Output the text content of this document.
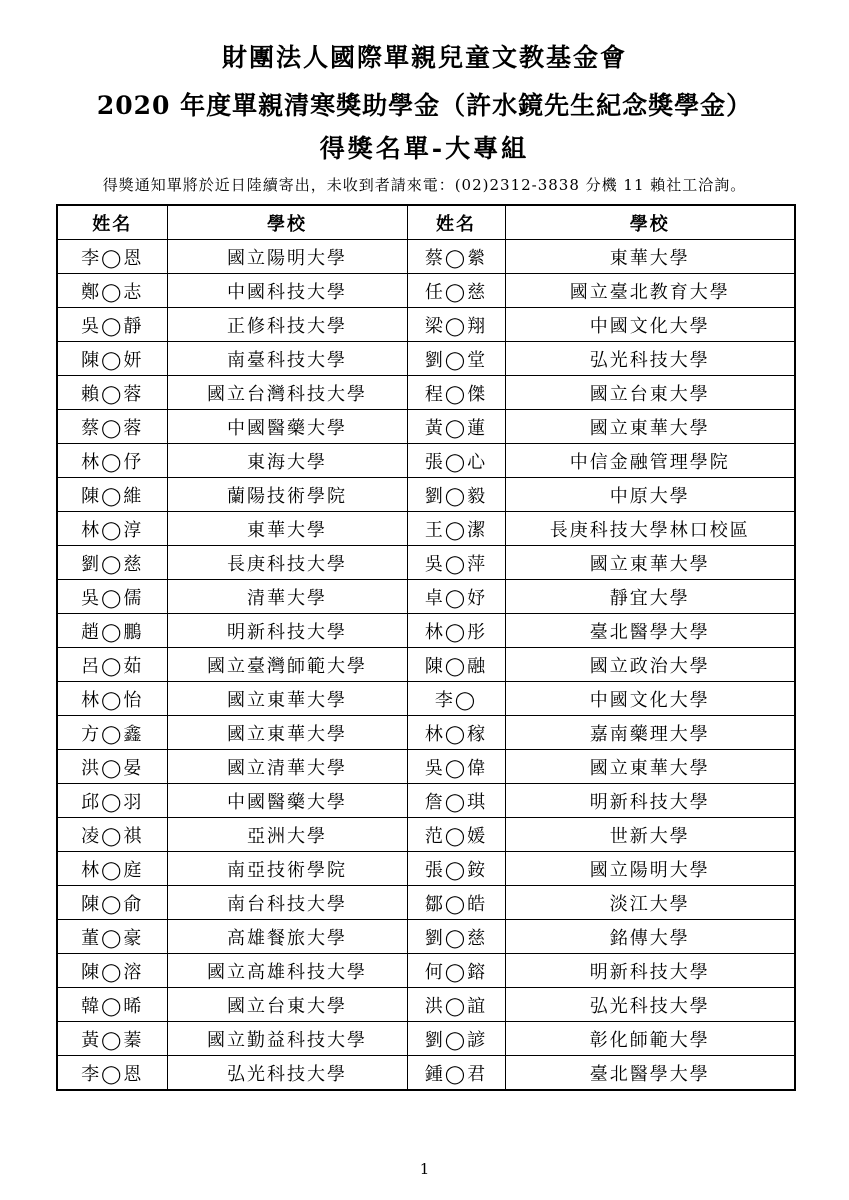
財團法人國際單親兒童文教基金會
2020 年度單親清寒獎助學金（許水鏡先生紀念獎學金）
得獎名單-大專組
得獎通知單將於近日陸續寄出，未收到者請來電：(02)2312-3838 分機 11 賴社工洽詢。
姓名	學校	姓名	學校
李◯恩	國立陽明大學	蔡◯縈	東華大學
鄭◯志	中國科技大學	任◯慈	國立臺北教育大學
吳◯靜	正修科技大學	梁◯翔	中國文化大學
陳◯妍	南臺科技大學	劉◯堂	弘光科技大學
賴◯蓉	國立台灣科技大學	程◯傑	國立台東大學
蔡◯蓉	中國醫藥大學	黃◯蓮	國立東華大學
林◯伃	東海大學	張◯心	中信金融管理學院
陳◯維	蘭陽技術學院	劉◯毅	中原大學
林◯淳	東華大學	王◯潔	長庚科技大學林口校區
劉◯慈	長庚科技大學	吳◯萍	國立東華大學
吳◯儒	清華大學	卓◯妤	靜宜大學
趙◯鵬	明新科技大學	林◯彤	臺北醫學大學
呂◯茹	國立臺灣師範大學	陳◯融	國立政治大學
林◯怡	國立東華大學	李◯	中國文化大學
方◯鑫	國立東華大學	林◯稼	嘉南藥理大學
洪◯晏	國立清華大學	吳◯偉	國立東華大學
邱◯羽	中國醫藥大學	詹◯琪	明新科技大學
凌◯祺	亞洲大學	范◯媛	世新大學
林◯庭	南亞技術學院	張◯銨	國立陽明大學
陳◯俞	南台科技大學	鄒◯皓	淡江大學
董◯豪	高雄餐旅大學	劉◯慈	銘傳大學
陳◯溶	國立高雄科技大學	何◯鎔	明新科技大學
韓◯晞	國立台東大學	洪◯誼	弘光科技大學
黃◯蓁	國立勤益科技大學	劉◯諺	彰化師範大學
李◯恩	弘光科技大學	鍾◯君	臺北醫學大學
1
